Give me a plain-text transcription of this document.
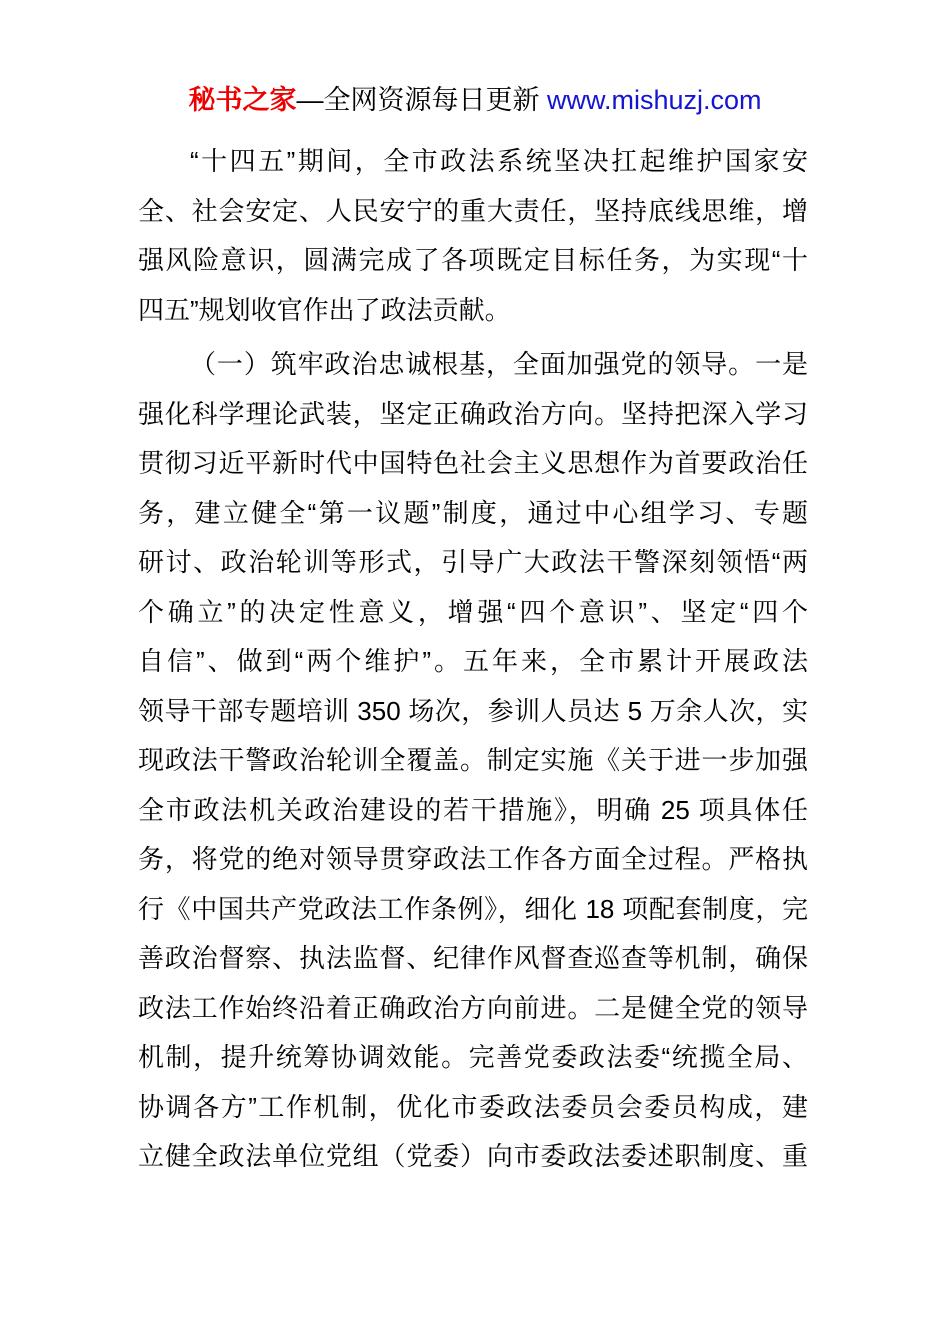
秘书之家—全网资源每日更新 www.mishuzj.com
“十四五”期间，全市政法系统坚决扛起维护国家安
全、社会安定、人民安宁的重大责任，坚持底线思维，增
强风险意识，圆满完成了各项既定目标任务，为实现“十
四五”规划收官作出了政法贡献。
（一）筑牢政治忠诚根基，全面加强党的领导。一是
强化科学理论武装，坚定正确政治方向。坚持把深入学习
贯彻习近平新时代中国特色社会主义思想作为首要政治任
务，建立健全“第一议题”制度，通过中心组学习、专题
研讨、政治轮训等形式，引导广大政法干警深刻领悟“两
个确立”的决定性意义，增强“四个意识”、坚定“四个
自信”、做到“两个维护”。五年来，全市累计开展政法
领导干部专题培训 350 场次，参训人员达 5 万余人次，实
现政法干警政治轮训全覆盖。制定实施《关于进一步加强
全市政法机关政治建设的若干措施》，明确 25 项具体任
务，将党的绝对领导贯穿政法工作各方面全过程。严格执
行《中国共产党政法工作条例》，细化 18 项配套制度，完
善政治督察、执法监督、纪律作风督查巡查等机制，确保
政法工作始终沿着正确政治方向前进。二是健全党的领导
机制，提升统筹协调效能。完善党委政法委“统揽全局、
协调各方”工作机制，优化市委政法委员会委员构成，建
立健全政法单位党组（党委）向市委政法委述职制度、重
